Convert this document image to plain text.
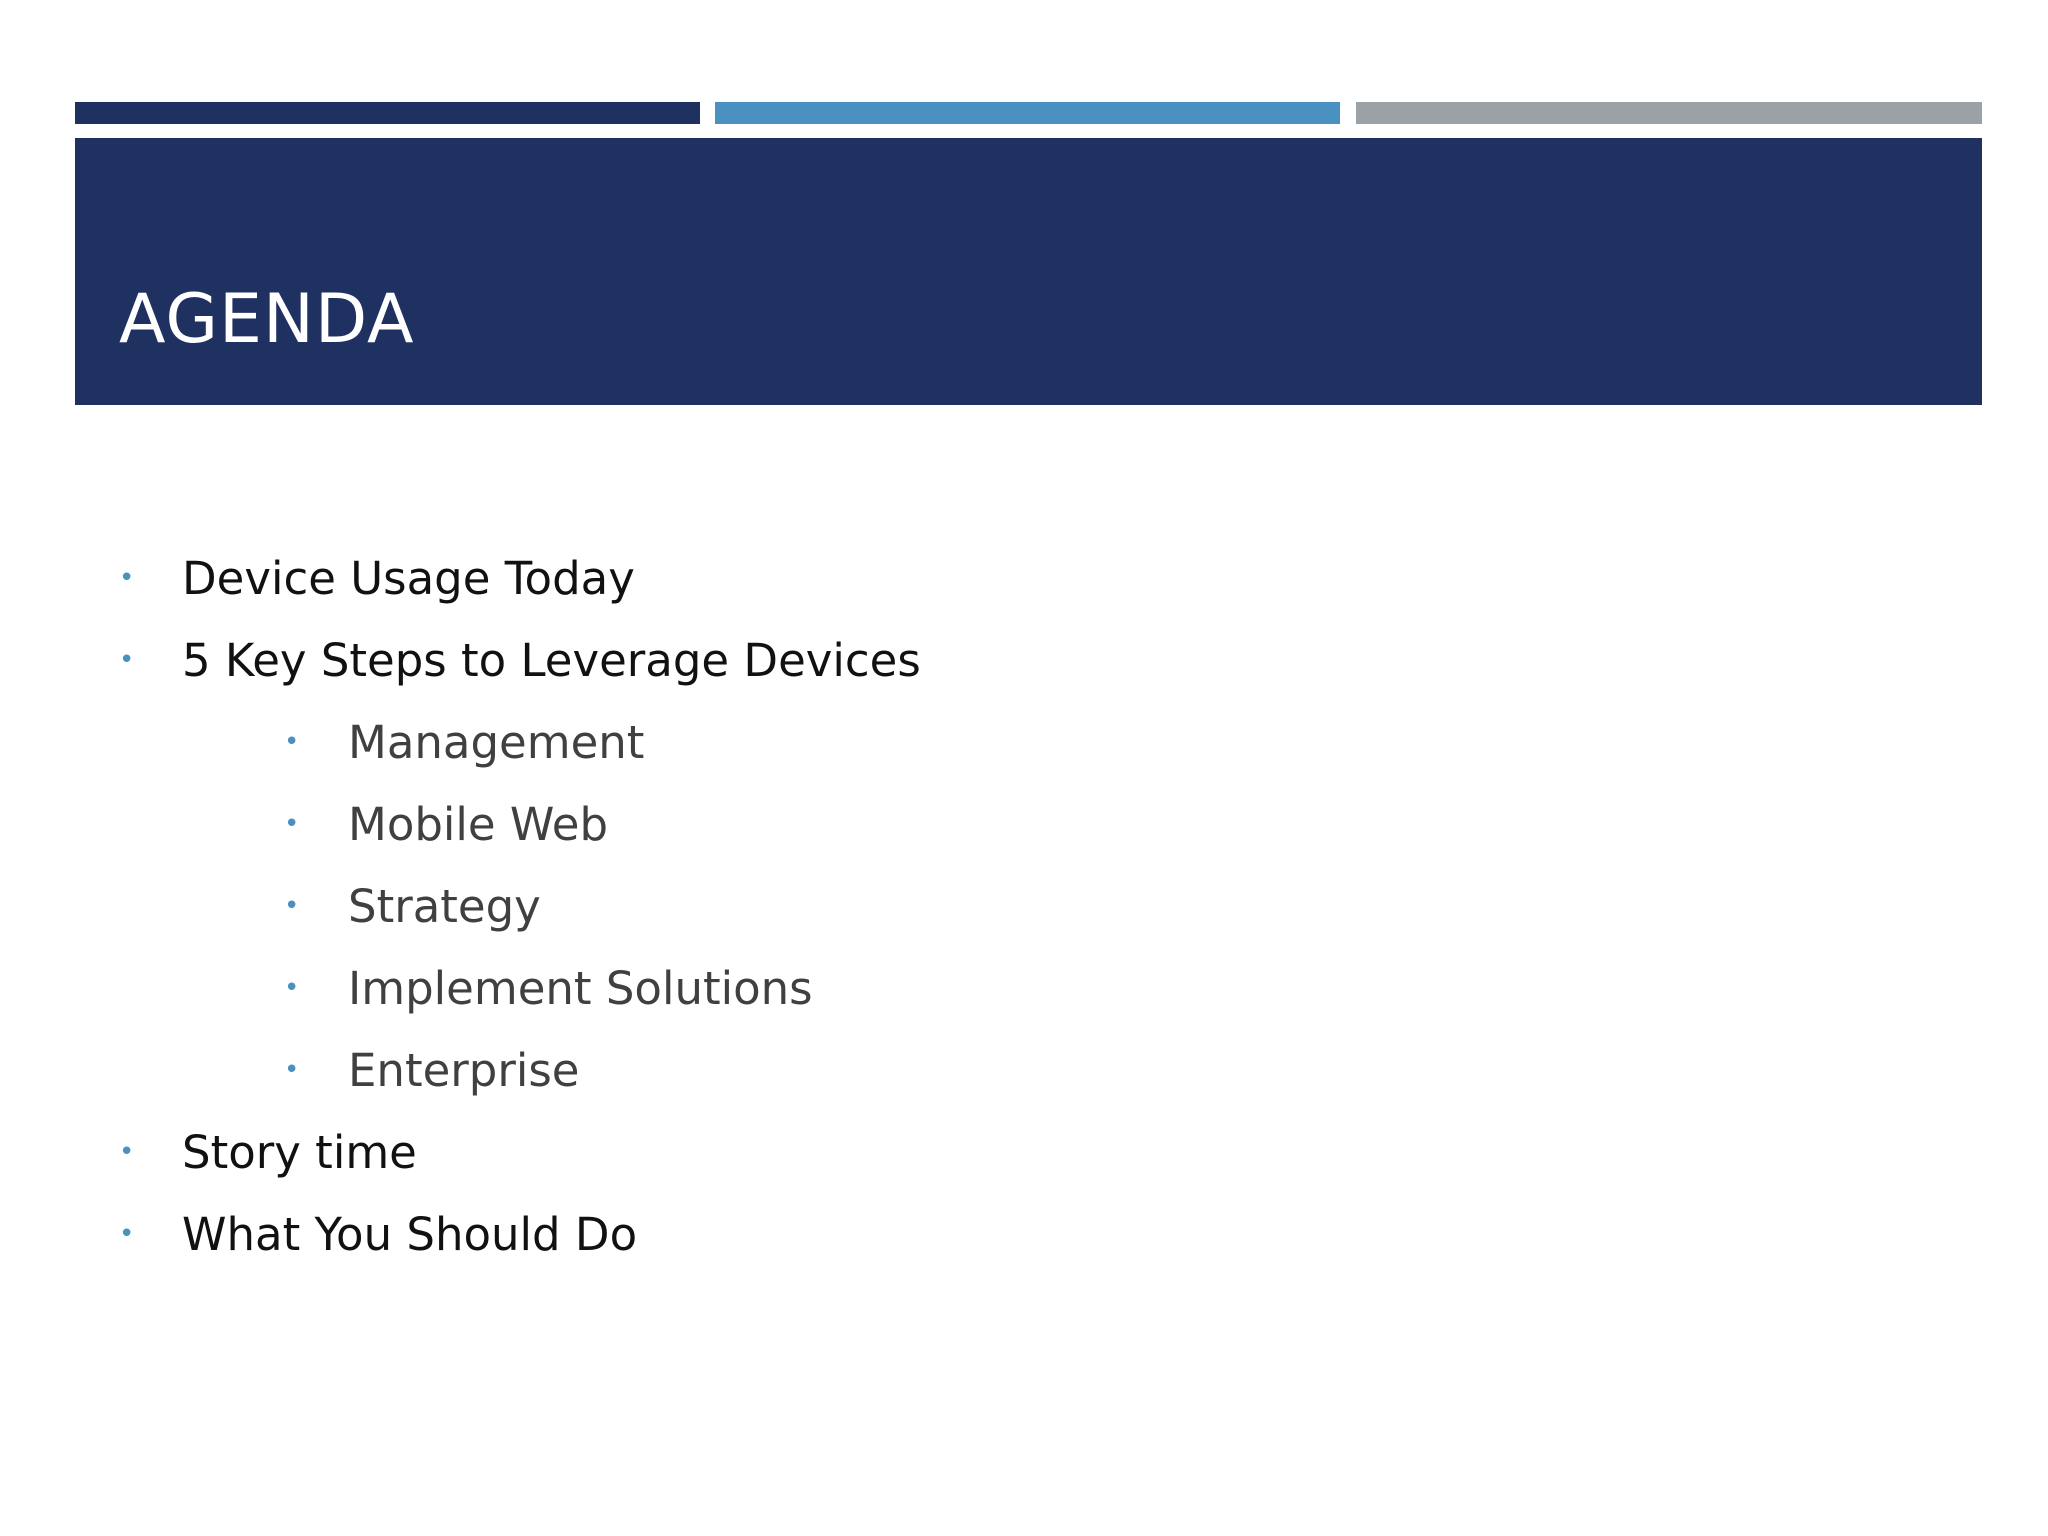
AGENDA
• Device Usage Today
• 5 Key Steps to Leverage Devices
• Management
• Mobile Web
• Strategy
• Implement Solutions
• Enterprise
• Story time
• What You Should Do
